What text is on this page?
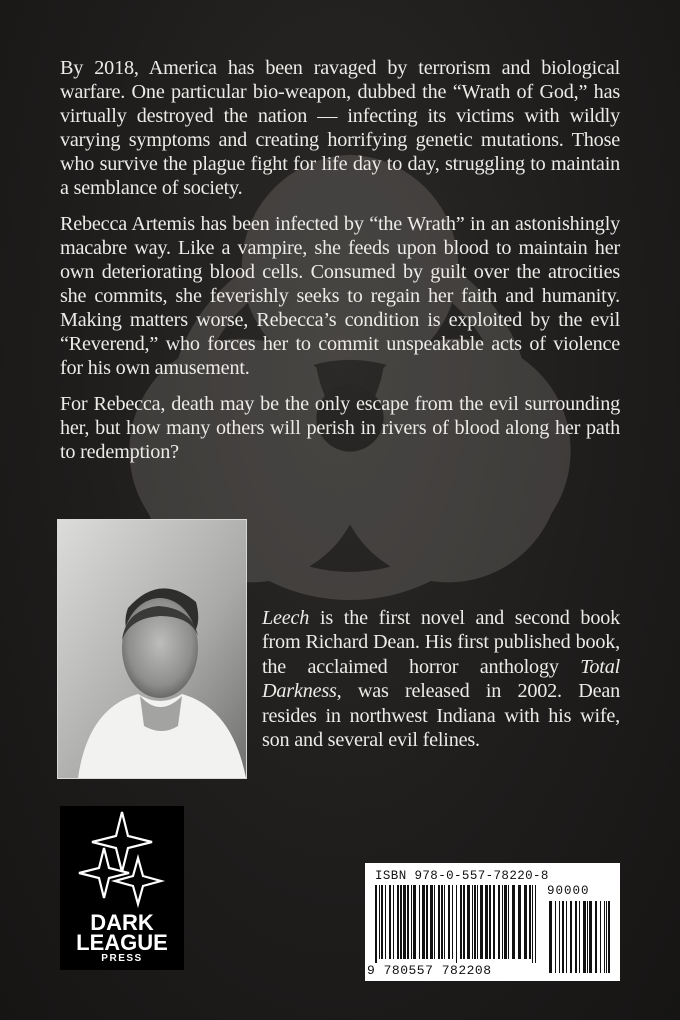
By 2018, America has been ravaged by terrorism and biological warfare. One particular bio-weapon, dubbed the “Wrath of God,” has virtually destroyed the nation — infecting its victims with wildly varying symptoms and creating horrifying genetic mutations. Those who survive the plague fight for life day to day, struggling to maintain a semblance of society.

Rebecca Artemis has been infected by “the Wrath” in an astonishingly macabre way. Like a vampire, she feeds upon blood to maintain her own deteriorating blood cells. Consumed by guilt over the atrocities she commits, she feverishly seeks to regain her faith and humanity. Making matters worse, Rebecca’s condition is exploited by the evil “Reverend,” who forces her to commit unspeakable acts of violence for his own amusement.

For Rebecca, death may be the only escape from the evil surrounding her, but how many others will perish in rivers of blood along her path to redemption?

Leech is the first novel and second book from Richard Dean. His first published book, the acclaimed horror anthology Total Darkness, was released in 2002. Dean resides in northwest Indiana with his wife, son and several evil felines.
DARK
LEAGUE
PRESS
ISBN 978-0-557-78220-8
90000
9 780557 782208
